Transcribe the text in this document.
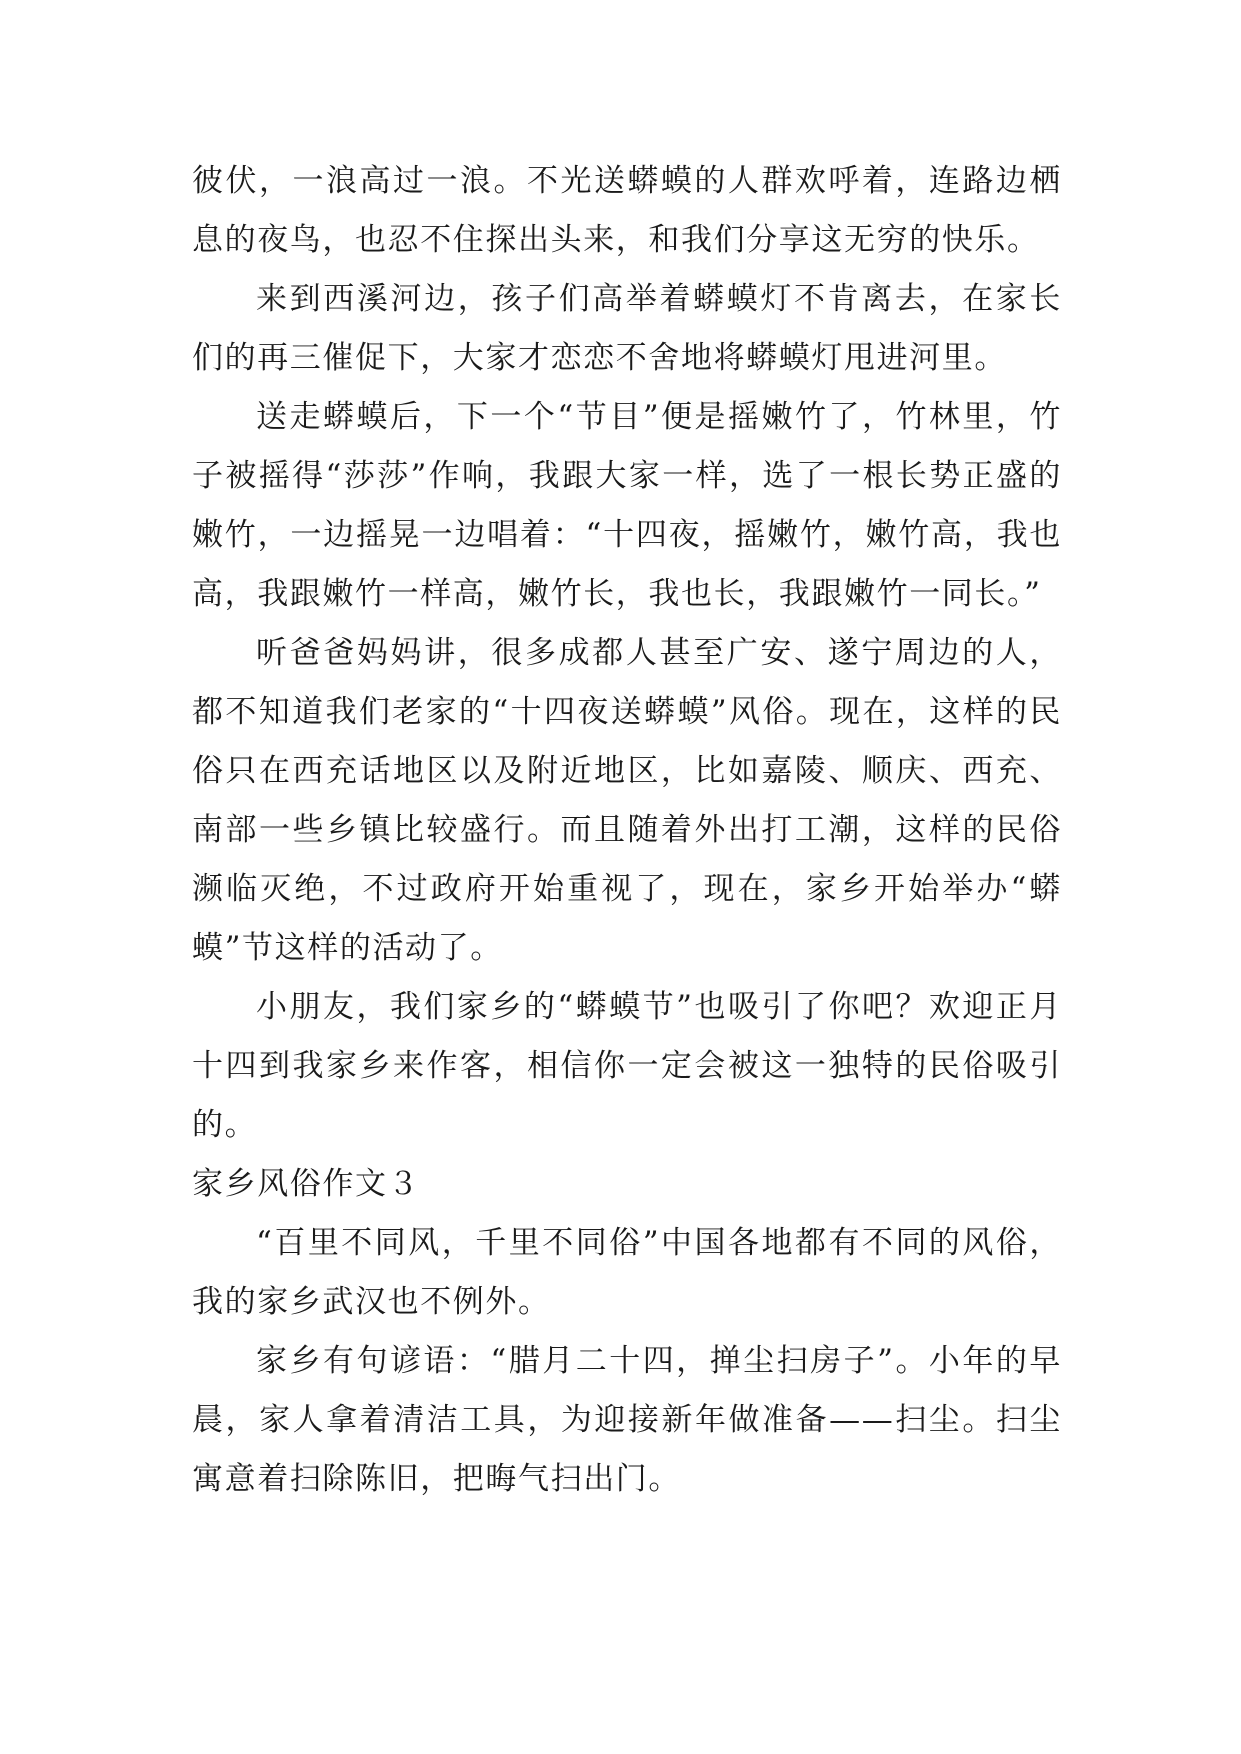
彼伏，一浪高过一浪。不光送蟒蟆的人群欢呼着，连路边栖息的夜鸟，也忍不住探出头来，和我们分享这无穷的快乐。

来到西溪河边，孩子们高举着蟒蟆灯不肯离去，在家长们的再三催促下，大家才恋恋不舍地将蟒蟆灯甩进河里。

送走蟒蟆后，下一个“节目”便是摇嫩竹了，竹林里，竹子被摇得“莎莎”作响，我跟大家一样，选了一根长势正盛的嫩竹，一边摇晃一边唱着：“十四夜，摇嫩竹，嫩竹高，我也高，我跟嫩竹一样高，嫩竹长，我也长，我跟嫩竹一同长。”

听爸爸妈妈讲，很多成都人甚至广安、遂宁周边的人，都不知道我们老家的“十四夜送蟒蟆”风俗。现在，这样的民俗只在西充话地区以及附近地区，比如嘉陵、顺庆、西充、南部一些乡镇比较盛行。而且随着外出打工潮，这样的民俗濒临灭绝，不过政府开始重视了，现在，家乡开始举办“蟒蟆”节这样的活动了。

小朋友，我们家乡的“蟒蟆节”也吸引了你吧？欢迎正月十四到我家乡来作客，相信你一定会被这一独特的民俗吸引的。

家乡风俗作文３

“百里不同风，千里不同俗”中国各地都有不同的风俗，我的家乡武汉也不例外。

家乡有句谚语：“腊月二十四，掸尘扫房子”。小年的早晨，家人拿着清洁工具，为迎接新年做准备——扫尘。扫尘寓意着扫除陈旧，把晦气扫出门。
